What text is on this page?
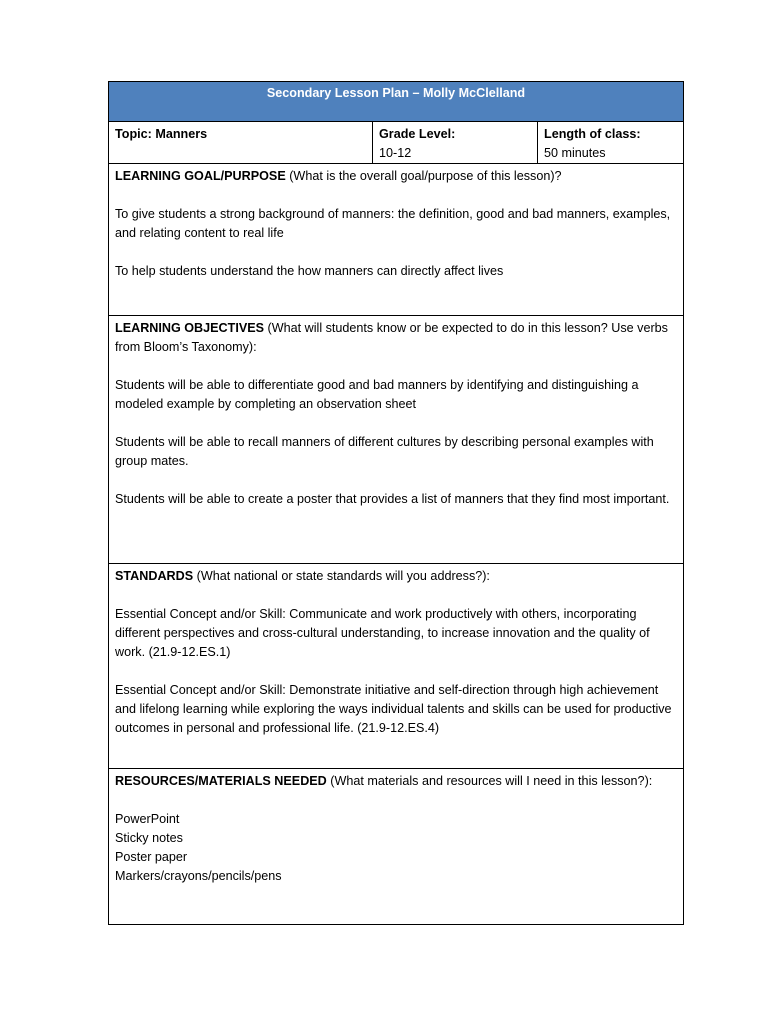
Secondary Lesson Plan – Molly McClelland
Topic: Manners	Grade Level:
10-12
Length of class:
50 minutes

LEARNING GOAL/PURPOSE (What is the overall goal/purpose of this lesson)?

To give students a strong background of manners: the definition, good and bad manners, examples, and relating content to real life

To help students understand the how manners can directly affect lives

LEARNING OBJECTIVES (What will students know or be expected to do in this lesson? Use verbs from Bloom’s Taxonomy):

Students will be able to differentiate good and bad manners by identifying and distinguishing a modeled example by completing an observation sheet

Students will be able to recall manners of different cultures by describing personal examples with group mates.

Students will be able to create a poster that provides a list of manners that they find most important.

STANDARDS (What national or state standards will you address?):

Essential Concept and/or Skill: Communicate and work productively with others, incorporating different perspectives and cross-cultural understanding, to increase innovation and the quality of work. (21.9-12.ES.1)

Essential Concept and/or Skill: Demonstrate initiative and self-direction through high achievement and lifelong learning while exploring the ways individual talents and skills can be used for productive outcomes in personal and professional life. (21.9-12.ES.4)

RESOURCES/MATERIALS NEEDED (What materials and resources will I need in this lesson?):

PowerPoint
Sticky notes
Poster paper
Markers/crayons/pencils/pens
